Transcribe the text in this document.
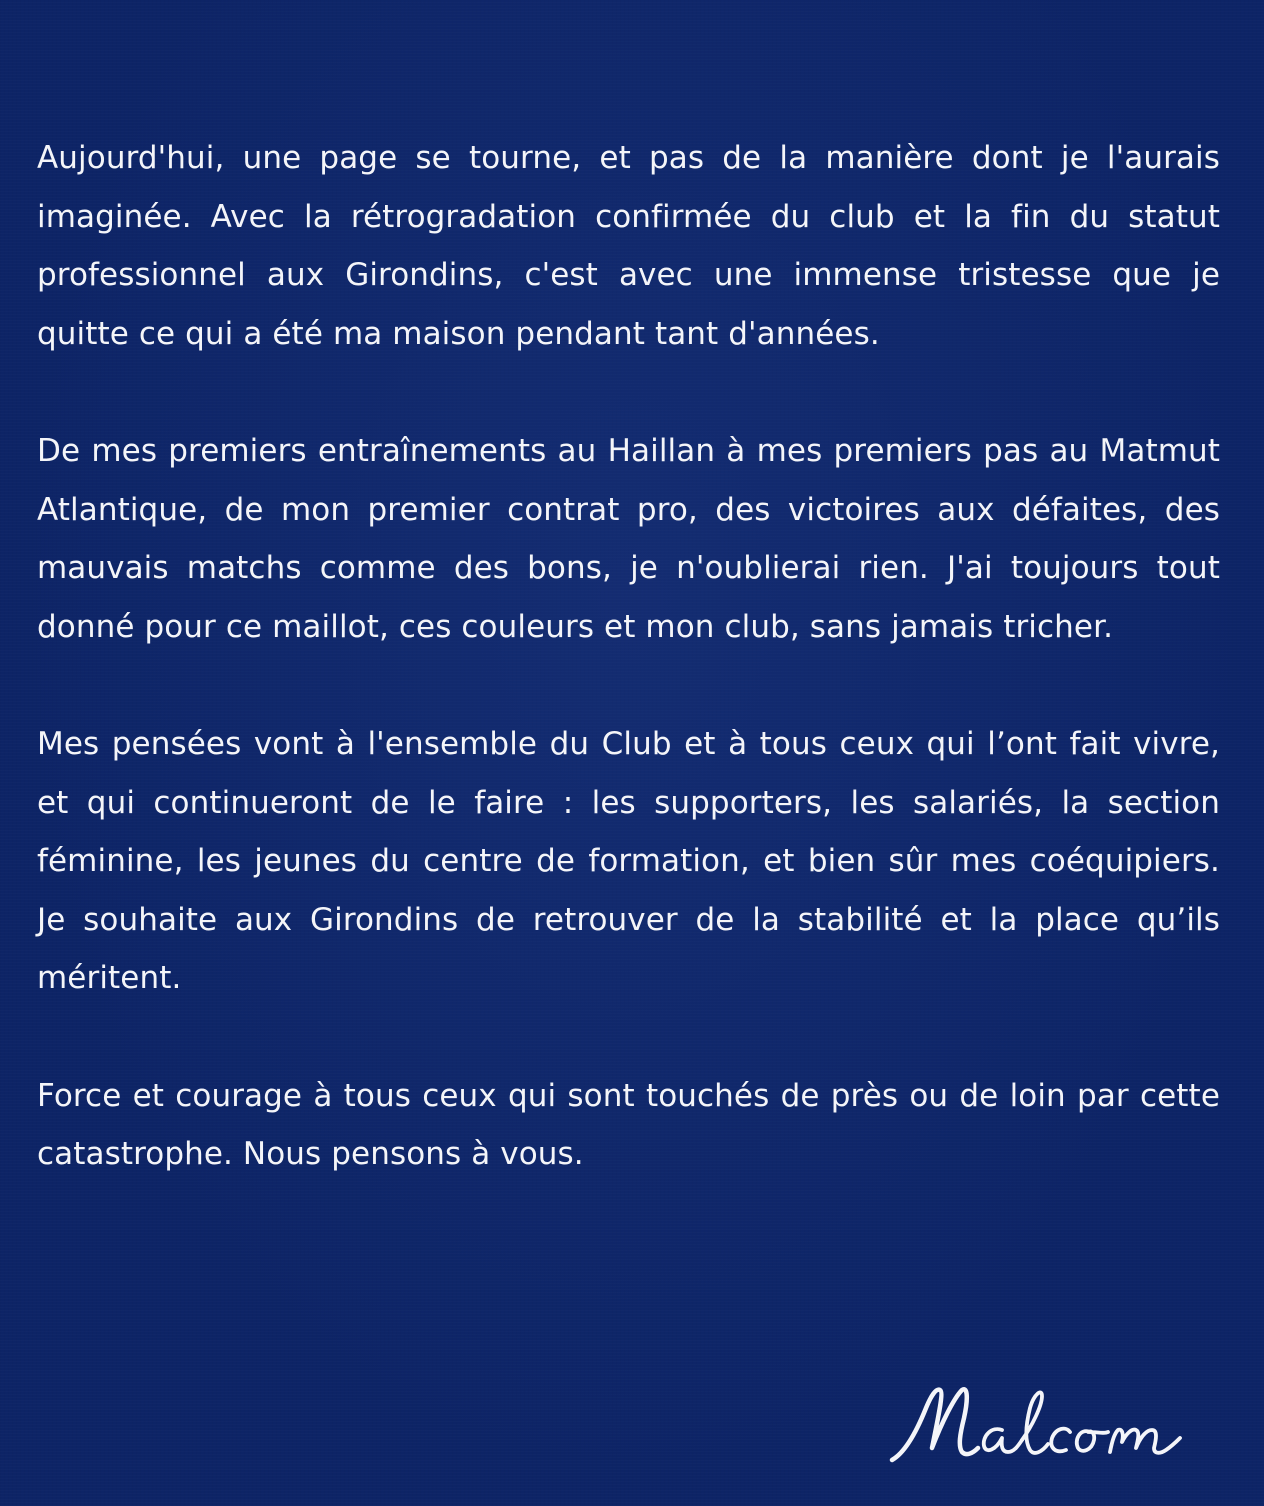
Aujourd'hui, une page se tourne, et pas de la manière dont je l'aurais imaginée. Avec la rétrogradation confirmée du club et la fin du statut professionnel aux Girondins, c'est avec une immense tristesse que je quitte ce qui a été ma maison pendant tant d'années.

De mes premiers entraînements au Haillan à mes premiers pas au Matmut Atlantique, de mon premier contrat pro, des victoires aux défaites, des mauvais matchs comme des bons, je n'oublierai rien. J'ai toujours tout donné pour ce maillot, ces couleurs et mon club, sans jamais tricher.

Mes pensées vont à l'ensemble du Club et à tous ceux qui l’ont fait vivre, et qui continueront de le faire : les supporters, les salariés, la section féminine, les jeunes du centre de formation, et bien sûr mes coéquipiers. Je souhaite aux Girondins de retrouver de la stabilité et la place qu’ils méritent.

Force et courage à tous ceux qui sont touchés de près ou de loin par cette catastrophe. Nous pensons à vous.
